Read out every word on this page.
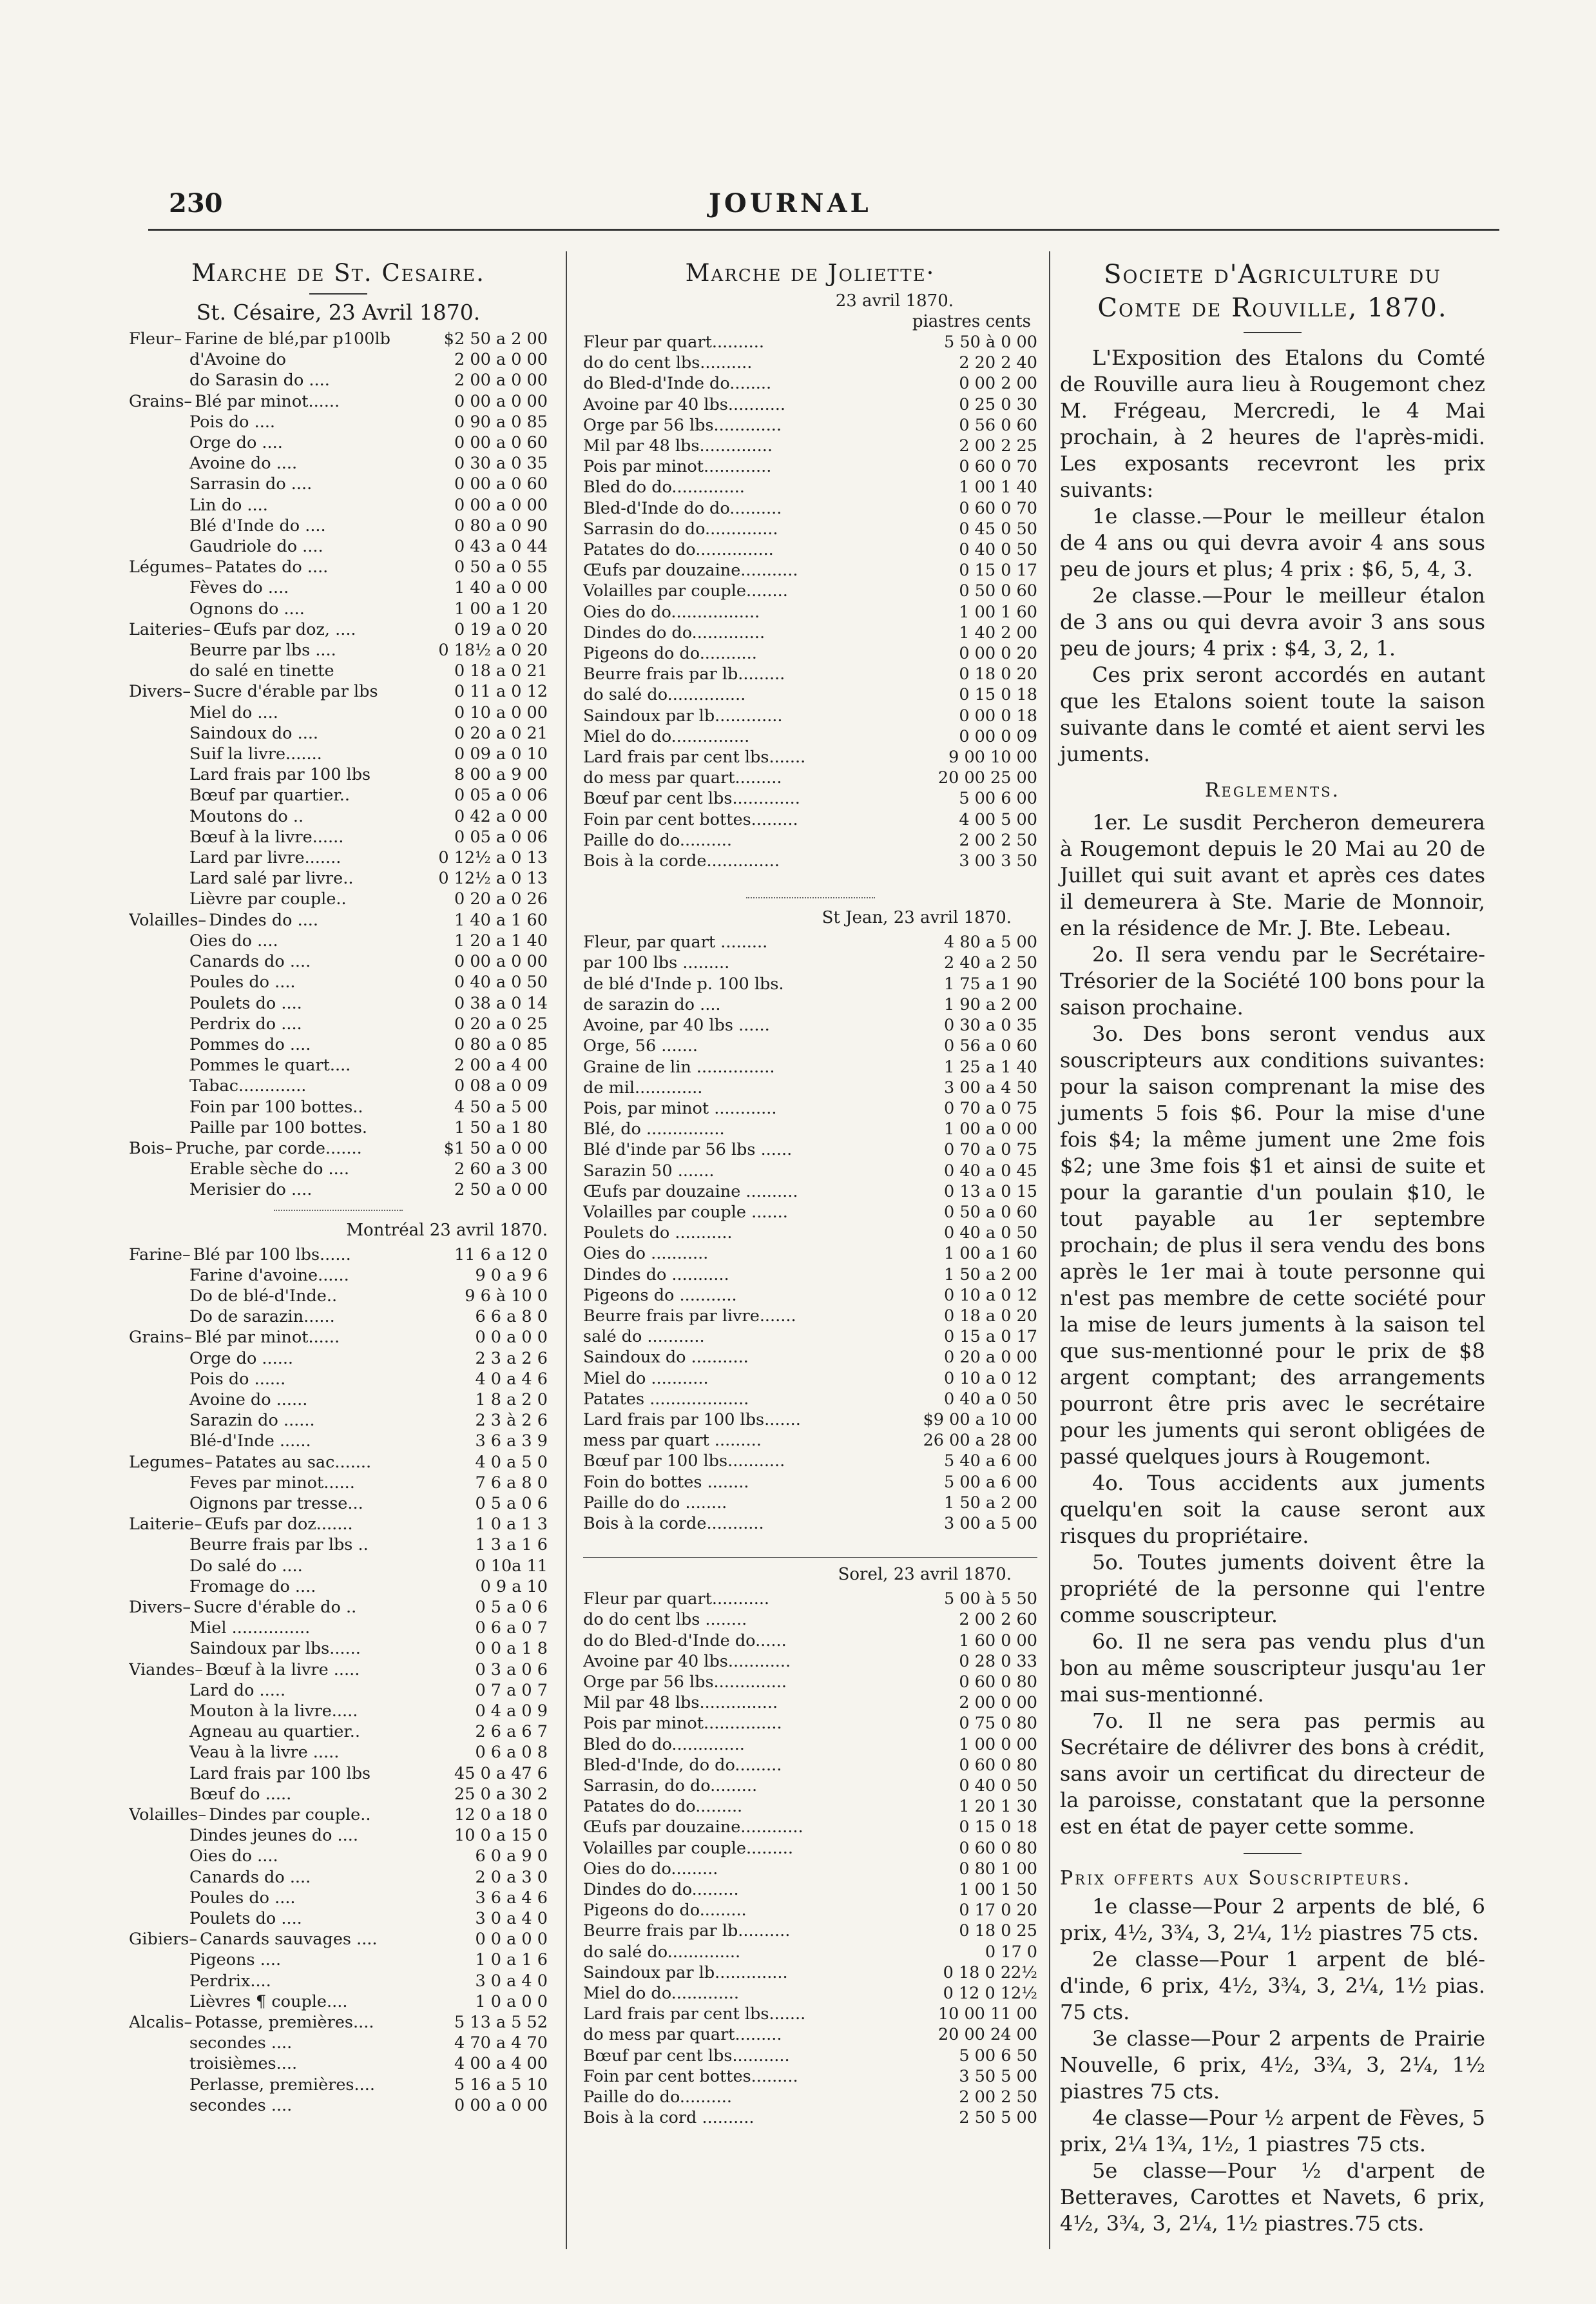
230	JOURNAL
Marche de St. Cesaire.
St. Césaire, 23 Avril 1870.
Fleur– Farine de blé,par p100lb	$2 50 a 2 00
d'Avoine do	2 00 a 0 00
do Sarasin do ....	2 00 a 0 00
Grains– Blé par minot......	0 00 a 0 00
Pois do ....	0 90 a 0 85
Orge do ....	0 00 a 0 60
Avoine do ....	0 30 a 0 35
Sarrasin do ....	0 00 a 0 60
Lin do ....	0 00 a 0 00
Blé d'Inde do ....	0 80 a 0 90
Gaudriole do ....	0 43 a 0 44
Légumes– Patates do ....	0 50 a 0 55
Fèves do ....	1 40 a 0 00
Ognons do ....	1 00 a 1 20
Laiteries– Œufs par doz, ....	0 19 a 0 20
Beurre par lbs ....	0 18½ a 0 20
do salé en tinette	0 18 a 0 21
Divers– Sucre d'érable par lbs	0 11 a 0 12
Miel do ....	0 10 a 0 00
Saindoux do ....	0 20 a 0 21
Suif la livre.......	0 09 a 0 10
Lard frais par 100 lbs	8 00 a 9 00
Bœuf par quartier..	0 05 a 0 06
Moutons do ..	0 42 a 0 00
Bœuf à la livre......	0 05 a 0 06
Lard par livre.......	0 12½ a 0 13
Lard salé par livre..	0 12½ a 0 13
Lièvre par couple..	0 20 a 0 26
Volailles– Dindes do ....	1 40 a 1 60
Oies do ....	1 20 a 1 40
Canards do ....	0 00 a 0 00
Poules do ....	0 40 a 0 50
Poulets do ....	0 38 a 0 14
Perdrix do ....	0 20 a 0 25
Pommes do ....	0 80 a 0 85
Pommes le quart....	2 00 a 4 00
Tabac.............	0 08 a 0 09
Foin par 100 bottes..	4 50 a 5 00
Paille par 100 bottes.	1 50 a 1 80
Bois– Pruche, par corde.......	$1 50 a 0 00
Erable sèche do ....	2 60 a 3 00
Merisier do ....	2 50 a 0 00
Montréal 23 avril 1870.
Farine– Blé par 100 lbs......	11 6 a 12 0
Farine d'avoine......	9 0 a 9 6
Do de blé-d'Inde..	9 6 à 10 0
Do de sarazin......	6 6 a 8 0
Grains– Blé par minot......	0 0 a 0 0
Orge do ......	2 3 a 2 6
Pois do ......	4 0 a 4 6
Avoine do ......	1 8 a 2 0
Sarazin do ......	2 3 à 2 6
Blé-d'Inde ......	3 6 a 3 9
Legumes– Patates au sac.......	4 0 a 5 0
Feves par minot......	7 6 a 8 0
Oignons par tresse...	0 5 a 0 6
Laiterie– Œufs par doz.......	1 0 a 1 3
Beurre frais par lbs ..	1 3 a 1 6
Do salé do ....	0 10a 11
Fromage do ....	0 9 a 10
Divers– Sucre d'érable do ..	0 5 a 0 6
Miel ...............	0 6 a 0 7
Saindoux par lbs......	0 0 a 1 8
Viandes– Bœuf à la livre .....	0 3 a 0 6
Lard do .....	0 7 a 0 7
Mouton à la livre.....	0 4 a 0 9
Agneau au quartier..	2 6 a 6 7
Veau à la livre .....	0 6 a 0 8
Lard frais par 100 lbs	45 0 a 47 6
Bœuf do .....	25 0 a 30 2
Volailles– Dindes par couple..	12 0 a 18 0
Dindes jeunes do ....	10 0 a 15 0
Oies do ....	6 0 a 9 0
Canards do ....	2 0 a 3 0
Poules do ....	3 6 a 4 6
Poulets do ....	3 0 a 4 0
Gibiers– Canards sauvages ....	0 0 a 0 0
Pigeons ....	1 0 a 1 6
Perdrix....	3 0 a 4 0
Lièvres ¶ couple....	1 0 a 0 0
Alcalis– Potasse, premières....	5 13 a 5 52
secondes ....	4 70 a 4 70
troisièmes....	4 00 a 4 00
Perlasse, premières....	5 16 a 5 10
secondes ....	0 00 a 0 00
Marche de Joliette·
23 avril 1870.
piastres cents
Fleur par quart..........	5 50 à 0 00
do do cent lbs..........	2 20 2 40
do Bled-d'Inde do........	0 00 2 00
Avoine par 40 lbs...........	0 25 0 30
Orge par 56 lbs.............	0 56 0 60
Mil par 48 lbs..............	2 00 2 25
Pois par minot.............	0 60 0 70
Bled do do..............	1 00 1 40
Bled-d'Inde do do..........	0 60 0 70
Sarrasin do do..............	0 45 0 50
Patates do do...............	0 40 0 50
Œufs par douzaine...........	0 15 0 17
Volailles par couple........	0 50 0 60
Oies do do.................	1 00 1 60
Dindes do do..............	1 40 2 00
Pigeons do do...........	0 00 0 20
Beurre frais par lb.........	0 18 0 20
do salé do...............	0 15 0 18
Saindoux par lb.............	0 00 0 18
Miel do do...............	0 00 0 09
Lard frais par cent lbs.......	9 00 10 00
do mess par quart.........	20 00 25 00
Bœuf par cent lbs.............	5 00 6 00
Foin par cent bottes.........	4 00 5 00
Paille do do..........	2 00 2 50
Bois à la corde..............	3 00 3 50
St Jean, 23 avril 1870.
Fleur, par quart .........	4 80 a 5 00
par 100 lbs .........	2 40 a 2 50
de blé d'Inde p. 100 lbs.	1 75 a 1 90
de sarazin do ....	1 90 a 2 00
Avoine, par 40 lbs ......	0 30 a 0 35
Orge, 56 .......	0 56 a 0 60
Graine de lin ...............	1 25 a 1 40
de mil.............	3 00 a 4 50
Pois, par minot ............	0 70 a 0 75
Blé, do ...............	1 00 a 0 00
Blé d'inde par 56 lbs ......	0 70 a 0 75
Sarazin 50 .......	0 40 a 0 45
Œufs par douzaine ..........	0 13 a 0 15
Volailles par couple .......	0 50 a 0 60
Poulets do ...........	0 40 a 0 50
Oies do ...........	1 00 a 1 60
Dindes do ...........	1 50 a 2 00
Pigeons do ...........	0 10 a 0 12
Beurre frais par livre.......	0 18 a 0 20
salé do ...........	0 15 a 0 17
Saindoux do ...........	0 20 a 0 00
Miel do ...........	0 10 a 0 12
Patates ...................	0 40 a 0 50
Lard frais par 100 lbs.......	$9 00 a 10 00
mess par quart .........	26 00 a 28 00
Bœuf par 100 lbs...........	5 40 a 6 00
Foin do bottes ........	5 00 a 6 00
Paille do do ........	1 50 a 2 00
Bois à la corde...........	3 00 a 5 00
Sorel, 23 avril 1870.
Fleur par quart...........	5 00 à 5 50
do do cent lbs ........	2 00 2 60
do do Bled-d'Inde do......	1 60 0 00
Avoine par 40 lbs............	0 28 0 33
Orge par 56 lbs..............	0 60 0 80
Mil par 48 lbs...............	2 00 0 00
Pois par minot...............	0 75 0 80
Bled do do..............	1 00 0 00
Bled-d'Inde, do do.........	0 60 0 80
Sarrasin, do do.........	0 40 0 50
Patates do do.........	1 20 1 30
Œufs par douzaine............	0 15 0 18
Volailles par couple.........	0 60 0 80
Oies do do.........	0 80 1 00
Dindes do do.........	1 00 1 50
Pigeons do do.........	0 17 0 20
Beurre frais par lb..........	0 18 0 25
do salé do..............	0 17 0
Saindoux par lb..............	0 18 0 22½
Miel do do.............	0 12 0 12½
Lard frais par cent lbs.......	10 00 11 00
do mess par quart.........	20 00 24 00
Bœuf par cent lbs...........	5 00 6 50
Foin par cent bottes.........	3 50 5 00
Paille do do..........	2 00 2 50
Bois à la cord ..........	2 50 5 00
Societe d'Agriculture du
Comte de Rouville, 1870.

L'Exposition des Etalons du Comté de Rouville aura lieu à Rougemont chez M. Frégeau, Mercredi, le 4 Mai prochain, à 2 heures de l'après-midi. Les exposants recevront les prix suivants:

1e classe.—Pour le meilleur étalon de 4 ans ou qui devra avoir 4 ans sous peu de jours et plus; 4 prix : $6, 5, 4, 3.

2e classe.—Pour le meilleur étalon de 3 ans ou qui devra avoir 3 ans sous peu de jours; 4 prix : $4, 3, 2, 1.

Ces prix seront accordés en autant que les Etalons soient toute la saison suivante dans le comté et aient servi les juments.

Reglements.

1er. Le susdit Percheron demeurera à Rougemont depuis le 20 Mai au 20 de Juillet qui suit avant et après ces dates il demeurera à Ste. Marie de Monnoir, en la résidence de Mr. J. Bte. Lebeau.

2o. Il sera vendu par le Secrétaire-Trésorier de la Société 100 bons pour la saison prochaine.

3o. Des bons seront vendus aux souscripteurs aux conditions suivantes: pour la saison comprenant la mise des juments 5 fois $6. Pour la mise d'une fois $4; la même jument une 2me fois $2; une 3me fois $1 et ainsi de suite et pour la garantie d'un poulain $10, le tout payable au 1er septembre prochain; de plus il sera vendu des bons après le 1er mai à toute personne qui n'est pas membre de cette société pour la mise de leurs juments à la saison tel que sus-mentionné pour le prix de $8 argent comptant; des arrangements pourront être pris avec le secrétaire pour les juments qui seront obligées de passé quelques jours à Rougemont.

4o. Tous accidents aux juments quelqu'en soit la cause seront aux risques du propriétaire.

5o. Toutes juments doivent être la propriété de la personne qui l'entre comme souscripteur.

6o. Il ne sera pas vendu plus d'un bon au même souscripteur jusqu'au 1er mai sus-mentionné.

7o. Il ne sera pas permis au Secrétaire de délivrer des bons à crédit, sans avoir un certificat du directeur de la paroisse, constatant que la personne est en état de payer cette somme.

Prix offerts aux Souscripteurs.

1e classe—Pour 2 arpents de blé, 6 prix, 4½, 3¾, 3, 2¼, 1½ piastres 75 cts.

2e classe—Pour 1 arpent de blé-d'inde, 6 prix, 4½, 3¾, 3, 2¼, 1½ pias. 75 cts.

3e classe—Pour 2 arpents de Prairie Nouvelle, 6 prix, 4½, 3¾, 3, 2¼, 1½ piastres 75 cts.

4e classe—Pour ½ arpent de Fèves, 5 prix, 2¼ 1¾, 1½, 1 piastres 75 cts.

5e classe—Pour ½ d'arpent de Betteraves, Carottes et Navets, 6 prix, 4½, 3¾, 3, 2¼, 1½ piastres.75 cts.
